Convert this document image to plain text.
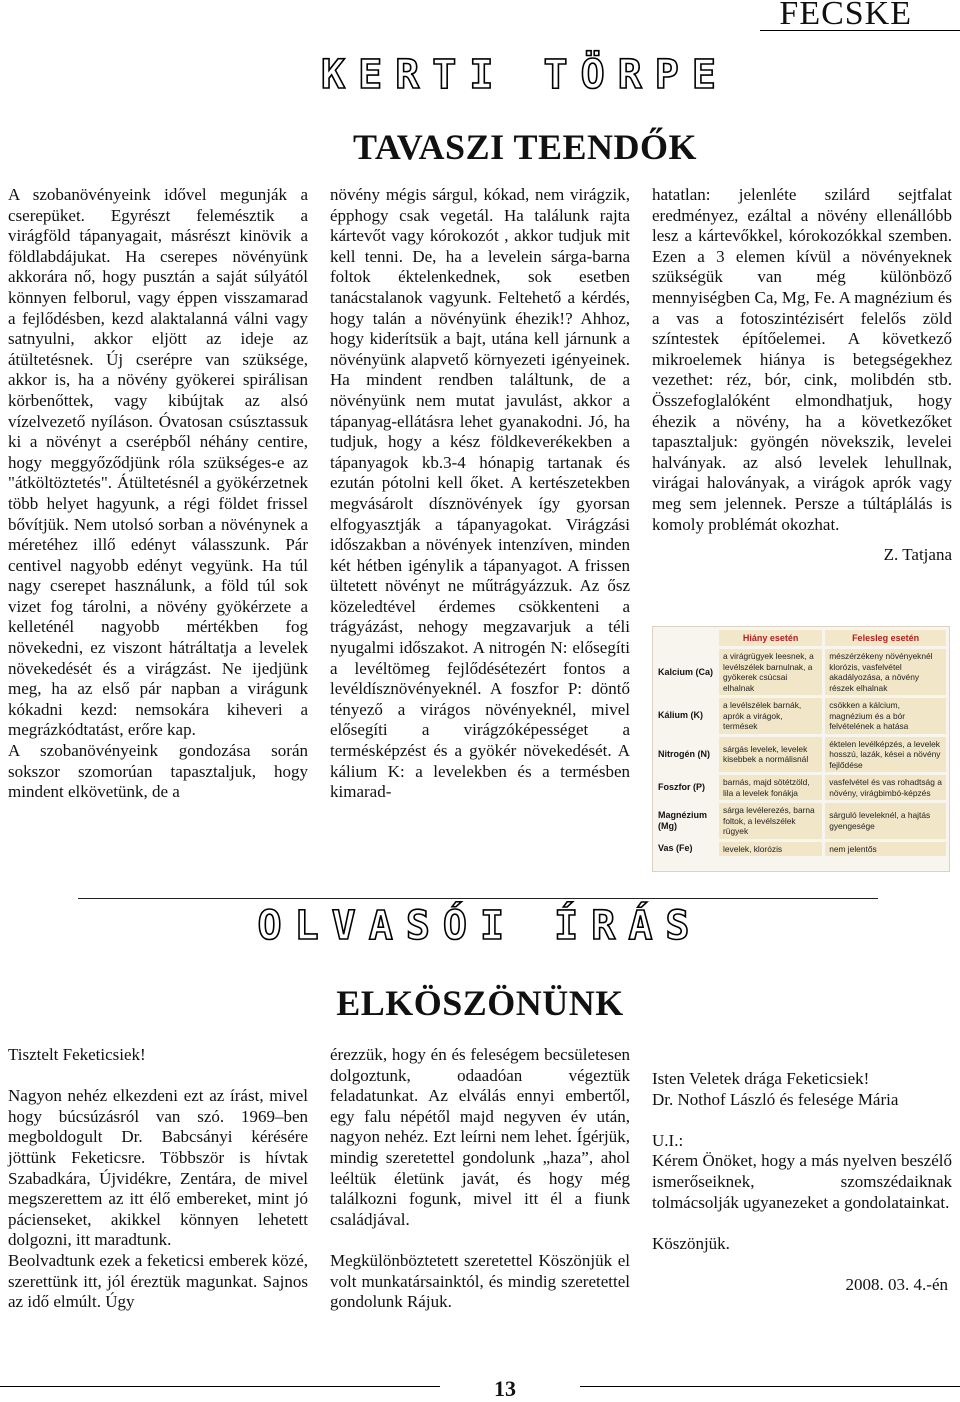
FECSKE
KERTI TÖRPE
TAVASZI TEENDŐK

A szobanövényeink idővel megunják a cserepüket. Egyrészt felemésztik a virágföld tápanyagait, másrészt kinövik a földlabdájukat. Ha cserepes növényünk akkorára nő, hogy pusztán a saját súlyától könnyen felborul, vagy éppen visszamarad a fejlődésben, kezd alaktalanná válni vagy satnyulni, akkor eljött az ideje az átültetésnek. Új cserépre van szüksége, akkor is, ha a növény gyökerei spirálisan körbenőttek, vagy kibújtak az alsó vízelvezető nyíláson. Óvatosan csúsztassuk ki a növényt a cserépből néhány centire, hogy meggyőződjünk róla szükséges-e az "átköltöztetés". Átültetésnél a gyökérzetnek több helyet hagyunk, a régi földet frissel bővítjük. Nem utolsó sorban a növénynek a méretéhez illő edényt válasszunk. Pár centivel nagyobb edényt vegyünk. Ha túl nagy cserepet használunk, a föld túl sok vizet fog tárolni, a növény gyökérzete a kelleténél nagyobb mértékben fog növekedni, ez viszont hátráltatja a levelek növekedését és a virágzást. Ne ijedjünk meg, ha az első pár napban a virágunk kókadni kezd: nemsokára kiheveri a megrázkódtatást, erőre kap.

A szobanövényeink gondozása során sokszor szomorúan tapasztaljuk, hogy mindent elkövetünk, de a

növény mégis sárgul, kókad, nem virágzik, épphogy csak vegetál. Ha találunk rajta kártevőt vagy kórokozót , akkor tudjuk mit kell tenni. De, ha a levelein sárga-barna foltok éktelenkednek, sok esetben tanácstalanok vagyunk. Feltehető a kérdés, hogy talán a növényünk éhezik!? Ahhoz, hogy kiderítsük a bajt, utána kell járnunk a növényünk alapvető környezeti igényeinek. Ha mindent rendben találtunk, de a növényünk nem mutat javulást, akkor a tápanyag-ellátásra lehet gyanakodni. Jó, ha tudjuk, hogy a kész földkeverékekben a tápanyagok kb.3-4 hónapig tartanak és ezután pótolni kell őket. A kertészetekben megvásárolt dísznövények így gyorsan elfogyasztják a tápanyagokat. Virágzási időszakban a növények intenzíven, minden két hétben igénylik a tápanyagot. A frissen ültetett növényt ne műtrágyázzuk. Az ősz közeledtével érdemes csökkenteni a trágyázást, nehogy megzavarjuk a téli nyugalmi időszakot. A nitrogén N: elősegíti a levéltömeg fejlődésétezért fontos a levéldísznövényeknél. A foszfor P: döntő tényező a virágos növényeknél, mivel elősegíti a virágzóképességet a termésképzést és a gyökér növekedését. A kálium K: a levelekben és a termésben kimarad-

hatatlan: jelenléte szilárd sejtfalat eredményez, ezáltal a növény ellenállóbb lesz a kártevőkkel, kórokozókkal szemben. Ezen a 3 elemen kívül a növényeknek szükségük van még különböző mennyiségben Ca, Mg, Fe. A magnézium és a vas a fotoszintézisért felelős zöld színtestek építőelemei. A következő mikroelemek hiánya is betegségekhez vezethet: réz, bór, cink, molibdén stb. Összefoglalóként elmondhatjuk, hogy éhezik a növény, ha a következőket tapasztaljuk: gyöngén növekszik, levelei halványak. az alsó levelek lehullnak, virágai haloványak, a virágok aprók vagy meg sem jelennek. Persze a túltáplálás is komoly problémát okozhat.

Z. Tatjana

	Hiány esetén	Felesleg esetén
Kalcium (Ca)	a virágrügyek leesnek, a levélszélek barnulnak, a gyökerek csúcsai elhalnak	mészérzékeny növényeknél klorózis, vasfelvétel akadályozása, a növény részek elhalnak
Kálium (K)	a levélszélek barnák, aprók a virágok, termések	csökken a kálcium, magnézium és a bór felvételének a hatása
Nitrogén (N)	sárgás levelek, levelek kisebbek a normálisnál	éktelen levélképzés, a levelek hosszú, lazák, kései a növény fejlődése
Foszfor (P)	barnás, majd sötétzöld, lila a levelek fonákja	vasfelvétel és vas rohadtság a növény, virágbimbó-képzés
Magnézium (Mg)	sárga levélerezés, barna foltok, a levélszélek rügyek	sárguló leveleknél, a hajtás gyengesége
Vas (Fe)	levelek, klorózis	nem jelentős
OLVASÓI ÍRÁS
ELKÖSZÖNÜNK

Tisztelt Feketicsiek!

Nagyon nehéz elkezdeni ezt az írást, mivel hogy búcsúzásról van szó. 1969–ben megboldogult Dr. Babcsányi kérésére jöttünk Feketicsre. Többször is hívtak Szabadkára, Újvidékre, Zentára, de mivel megszerettem az itt élő embereket, mint jó pácienseket, akikkel könnyen lehetett dolgozni, itt maradtunk.

Beolvadtunk ezek a feketicsi emberek közé, szerettünk itt, jól éreztük magunkat. Sajnos az idő elmúlt. Úgy

érezzük, hogy én és feleségem becsületesen dolgoztunk, odaadóan végeztük feladatunkat. Az elválás ennyi embertől, egy falu népétől majd negyven év után, nagyon nehéz. Ezt leírni nem lehet. Ígérjük, mindig szeretettel gondolunk „haza”, ahol leéltük életünk javát, és hogy még találkozni fogunk, mivel itt él a fiunk családjával.

Megkülönböztetett szeretettel Köszönjük el volt munkatársainktól, és mindig szeretettel gondolunk Rájuk.

Isten Veletek drága Feketicsiek!

Dr. Nothof László és felesége Mária

U.I.:

Kérem Önöket, hogy a más nyelven beszélő ismerőseiknek, szomszédaiknak tolmácsolják ugyanezeket a gondolatainkat.

Köszönjük.

2008. 03. 4.-én

13
